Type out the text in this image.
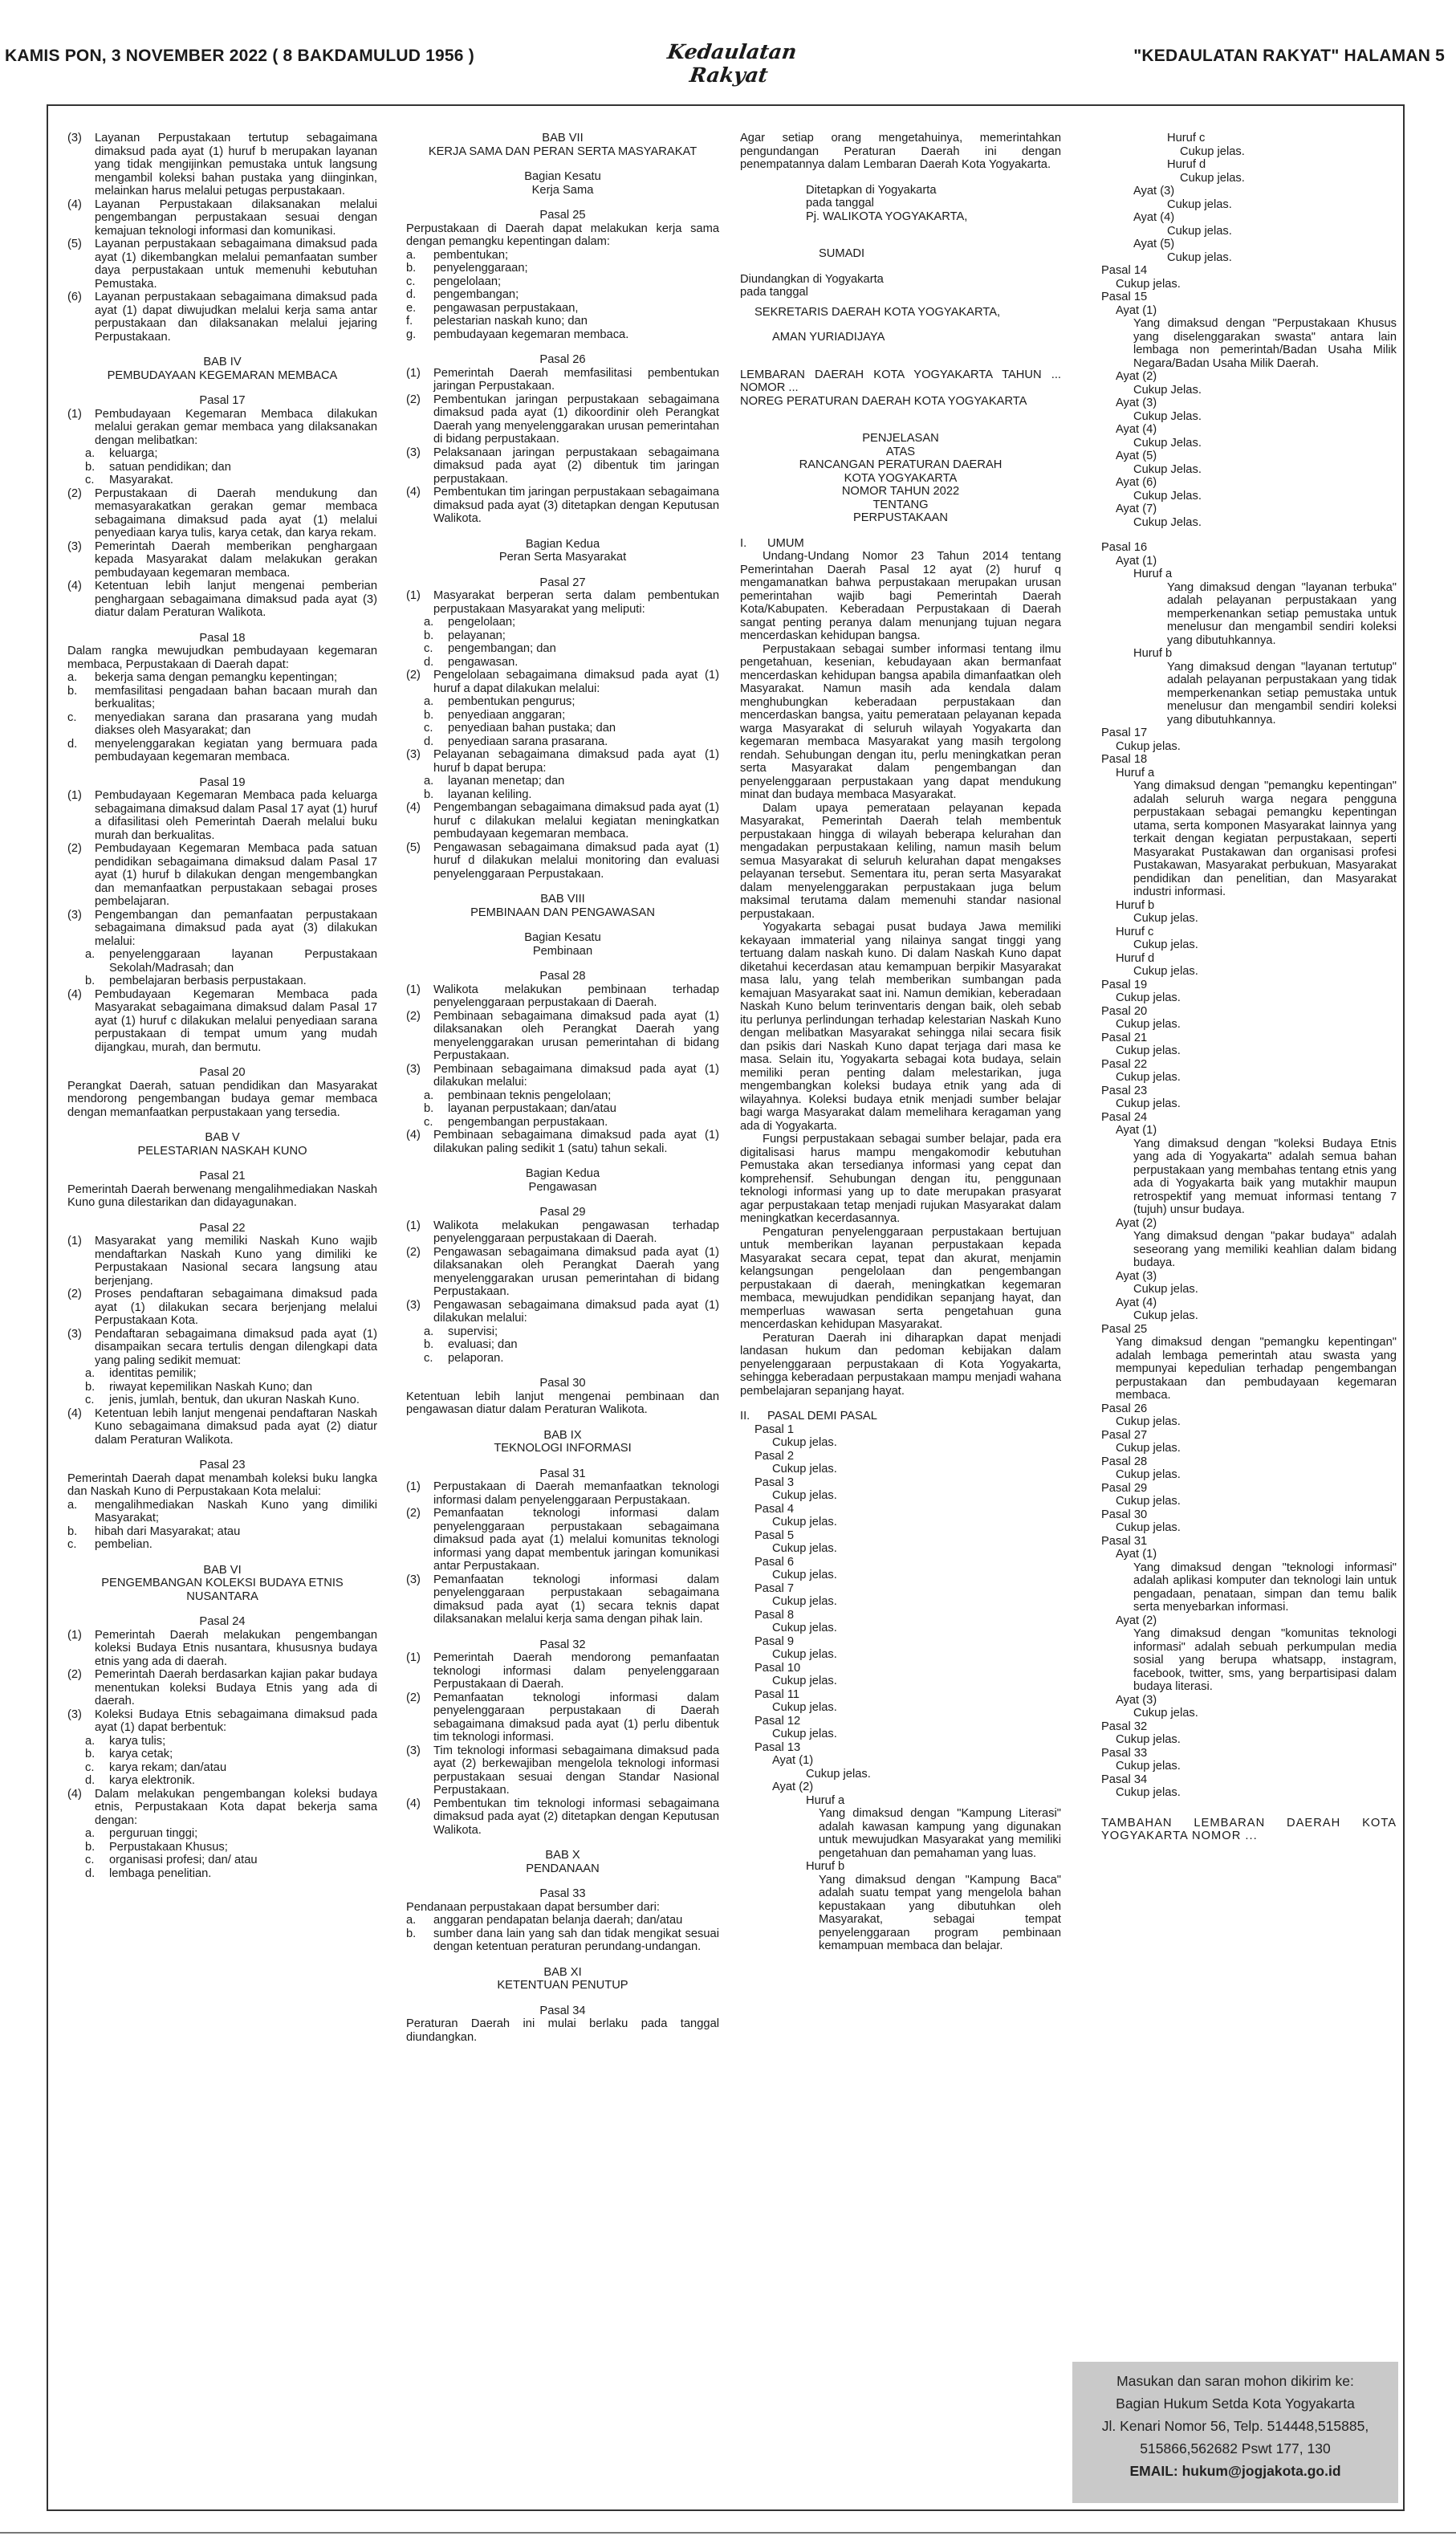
KAMIS PON, 3 NOVEMBER 2022 ( 8 BAKDAMULUD 1956 )	Kedaulatan Rakyat
"KEDAULATAN RAKYAT" HALAMAN 5
(3) Layanan Perpustakaan tertutup sebagaimana dimaksud pada ayat (1) huruf b merupakan layanan yang tidak mengijinkan pemustaka untuk langsung mengambil koleksi bahan pustaka yang diinginkan, melainkan harus melalui petugas perpustakaan.
(4) Layanan Perpustakaan dilaksanakan melalui pengembangan perpustakaan sesuai dengan kemajuan teknologi informasi dan komunikasi.
(5) Layanan perpustakaan sebagaimana dimaksud pada ayat (1) dikembangkan melalui pemanfaatan sumber daya perpustakaan untuk memenuhi kebutuhan Pemustaka.
(6) Layanan perpustakaan sebagaimana dimaksud pada ayat (1) dapat diwujudkan melalui kerja sama antar perpustakaan dan dilaksanakan melalui jejaring Perpustakaan.
BAB IV
PEMBUDAYAAN KEGEMARAN MEMBACA
Pasal 17
(1) Pembudayaan Kegemaran Membaca dilakukan melalui gerakan gemar membaca yang dilaksanakan dengan melibatkan:
a. keluarga;
b. satuan pendidikan; dan
c. Masyarakat.
(2) Perpustakaan di Daerah mendukung dan memasyarakatkan gerakan gemar membaca sebagaimana dimaksud pada ayat (1) melalui penyediaan karya tulis, karya cetak, dan karya rekam.
(3) Pemerintah Daerah memberikan penghargaan kepada Masyarakat dalam melakukan gerakan pembudayaan kegemaran membaca.
(4) Ketentuan lebih lanjut mengenai pemberian penghargaan sebagaimana dimaksud pada ayat (3) diatur dalam Peraturan Walikota.
Pasal 18
Dalam rangka mewujudkan pembudayaan kegemaran membaca, Perpustakaan di Daerah dapat:
a. bekerja sama dengan pemangku kepentingan;
b. memfasilitasi pengadaan bahan bacaan murah dan berkualitas;
c. menyediakan sarana dan prasarana yang mudah diakses oleh Masyarakat; dan
d. menyelenggarakan kegiatan yang bermuara pada pembudayaan kegemaran membaca.
Pasal 19
(1) Pembudayaan Kegemaran Membaca pada keluarga sebagaimana dimaksud dalam Pasal 17 ayat (1) huruf a difasilitasi oleh Pemerintah Daerah melalui buku murah dan berkualitas.
(2) Pembudayaan Kegemaran Membaca pada satuan pendidikan sebagaimana dimaksud dalam Pasal 17 ayat (1) huruf b dilakukan dengan mengembangkan dan memanfaatkan perpustakaan sebagai proses pembelajaran.
(3) Pengembangan dan pemanfaatan perpustakaan sebagaimana dimaksud pada ayat (3) dilakukan melalui:
a. penyelenggaraan layanan Perpustakaan Sekolah/Madrasah; dan
b. pembelajaran berbasis perpustakaan.
(4) Pembudayaan Kegemaran Membaca pada Masyarakat sebagaimana dimaksud dalam Pasal 17 ayat (1) huruf c dilakukan melalui penyediaan sarana perpustakaan di tempat umum yang mudah dijangkau, murah, dan bermutu.
Pasal 20
Perangkat Daerah, satuan pendidikan dan Masyarakat mendorong pengembangan budaya gemar membaca dengan memanfaatkan perpustakaan yang tersedia.
BAB V
PELESTARIAN NASKAH KUNO
Pasal 21
Pemerintah Daerah berwenang mengalihmediakan Naskah Kuno guna dilestarikan dan didayagunakan.
Pasal 22
(1) Masyarakat yang memiliki Naskah Kuno wajib mendaftarkan Naskah Kuno yang dimiliki ke Perpustakaan Nasional secara langsung atau berjenjang.
(2) Proses pendaftaran sebagaimana dimaksud pada ayat (1) dilakukan secara berjenjang melalui Perpustakaan Kota.
(3) Pendaftaran sebagaimana dimaksud pada ayat (1) disampaikan secara tertulis dengan dilengkapi data yang paling sedikit memuat:
a. identitas pemilik;
b. riwayat kepemilikan Naskah Kuno; dan
c. jenis, jumlah, bentuk, dan ukuran Naskah Kuno.
(4) Ketentuan lebih lanjut mengenai pendaftaran Naskah Kuno sebagaimana dimaksud pada ayat (2) diatur dalam Peraturan Walikota.
Pasal 23
Pemerintah Daerah dapat menambah koleksi buku langka dan Naskah Kuno di Perpustakaan Kota melalui:
a. mengalihmediakan Naskah Kuno yang dimiliki Masyarakat;
b. hibah dari Masyarakat; atau
c. pembelian.
BAB VI
PENGEMBANGAN KOLEKSI BUDAYA ETNIS NUSANTARA
Pasal 24
(1) Pemerintah Daerah melakukan pengembangan koleksi Budaya Etnis nusantara, khususnya budaya etnis yang ada di daerah.
(2) Pemerintah Daerah berdasarkan kajian pakar budaya menentukan koleksi Budaya Etnis yang ada di daerah.
(3) Koleksi Budaya Etnis sebagaimana dimaksud pada ayat (1) dapat berbentuk:
a. karya tulis;
b. karya cetak;
c. karya rekam; dan/atau
d. karya elektronik.
(4) Dalam melakukan pengembangan koleksi budaya etnis, Perpustakaan Kota dapat bekerja sama dengan:
a. perguruan tinggi;
b. Perpustakaan Khusus;
c. organisasi profesi; dan/ atau
d. lembaga penelitian.
BAB VII
KERJA SAMA DAN PERAN SERTA MASYARAKAT
Bagian Kesatu
Kerja Sama
Pasal 25
Perpustakaan di Daerah dapat melakukan kerja sama dengan pemangku kepentingan dalam:
a. pembentukan;
b. penyelenggaraan;
c. pengelolaan;
d. pengembangan;
e. pengawasan perpustakaan,
f. pelestarian naskah kuno; dan
g. pembudayaan kegemaran membaca.
Pasal 26
(1) Pemerintah Daerah memfasilitasi pembentukan jaringan Perpustakaan.
(2) Pembentukan jaringan perpustakaan sebagaimana dimaksud pada ayat (1) dikoordinir oleh Perangkat Daerah yang menyelenggarakan urusan pemerintahan di bidang perpustakaan.
(3) Pelaksanaan jaringan perpustakaan sebagaimana dimaksud pada ayat (2) dibentuk tim jaringan perpustakaan.
(4) Pembentukan tim jaringan perpustakaan sebagaimana dimaksud pada ayat (3) ditetapkan dengan Keputusan Walikota.
Bagian Kedua
Peran Serta Masyarakat
Pasal 27
(1) Masyarakat berperan serta dalam pembentukan perpustakaan Masyarakat yang meliputi:
a. pengelolaan;
b. pelayanan;
c. pengembangan; dan
d. pengawasan.
(2) Pengelolaan sebagaimana dimaksud pada ayat (1) huruf a dapat dilakukan melalui:
a. pembentukan pengurus;
b. penyediaan anggaran;
c. penyediaan bahan pustaka; dan
d. penyediaan sarana prasarana.
(3) Pelayanan sebagaimana dimaksud pada ayat (1) huruf b dapat berupa:
a. layanan menetap; dan
b. layanan keliling.
(4) Pengembangan sebagaimana dimaksud pada ayat (1) huruf c dilakukan melalui kegiatan meningkatkan pembudayaan kegemaran membaca.
(5) Pengawasan sebagaimana dimaksud pada ayat (1) huruf d dilakukan melalui monitoring dan evaluasi penyelenggaraan Perpustakaan.
BAB VIII
PEMBINAAN DAN PENGAWASAN
Bagian Kesatu
Pembinaan
Pasal 28
(1) Walikota melakukan pembinaan terhadap penyelenggaraan perpustakaan di Daerah.
(2) Pembinaan sebagaimana dimaksud pada ayat (1) dilaksanakan oleh Perangkat Daerah yang menyelenggarakan urusan pemerintahan di bidang Perpustakaan.
(3) Pembinaan sebagaimana dimaksud pada ayat (1) dilakukan melalui:
a. pembinaan teknis pengelolaan;
b. layanan perpustakaan; dan/atau
c. pengembangan perpustakaan.
(4) Pembinaan sebagaimana dimaksud pada ayat (1) dilakukan paling sedikit 1 (satu) tahun sekali.
Bagian Kedua
Pengawasan
Pasal 29
(1) Walikota melakukan pengawasan terhadap penyelenggaraan perpustakaan di Daerah.
(2) Pengawasan sebagaimana dimaksud pada ayat (1) dilaksanakan oleh Perangkat Daerah yang menyelenggarakan urusan pemerintahan di bidang Perpustakaan.
(3) Pengawasan sebagaimana dimaksud pada ayat (1) dilakukan melalui:
a. supervisi;
b. evaluasi; dan
c. pelaporan.
Pasal 30
Ketentuan lebih lanjut mengenai pembinaan dan pengawasan diatur dalam Peraturan Walikota.
BAB IX
TEKNOLOGI INFORMASI
Pasal 31
(1) Perpustakaan di Daerah memanfaatkan teknologi informasi dalam penyelenggaraan Perpustakaan.
(2) Pemanfaatan teknologi informasi dalam penyelenggaraan perpustakaan sebagaimana dimaksud pada ayat (1) melalui komunitas teknologi informasi yang dapat membentuk jaringan komunikasi antar Perpustakaan.
(3) Pemanfaatan teknologi informasi dalam penyelenggaraan perpustakaan sebagaimana dimaksud pada ayat (1) secara teknis dapat dilaksanakan melalui kerja sama dengan pihak lain.
Pasal 32
(1) Pemerintah Daerah mendorong pemanfaatan teknologi informasi dalam penyelenggaraan Perpustakaan di Daerah.
(2) Pemanfaatan teknologi informasi dalam penyelenggaraan perpustakaan di Daerah sebagaimana dimaksud pada ayat (1) perlu dibentuk tim teknologi informasi.
(3) Tim teknologi informasi sebagaimana dimaksud pada ayat (2) berkewajiban mengelola teknologi informasi perpustakaan sesuai dengan Standar Nasional Perpustakaan.
(4) Pembentukan tim teknologi informasi sebagaimana dimaksud pada ayat (2) ditetapkan dengan Keputusan Walikota.
BAB X
PENDANAAN
Pasal 33
Pendanaan perpustakaan dapat bersumber dari:
a. anggaran pendapatan belanja daerah; dan/atau
b. sumber dana lain yang sah dan tidak mengikat sesuai dengan ketentuan peraturan perundang-undangan.
BAB XI
KETENTUAN PENUTUP
Pasal 34
Peraturan Daerah ini mulai berlaku pada tanggal diundangkan.
Agar setiap orang mengetahuinya, memerintahkan pengundangan Peraturan Daerah ini dengan penempatannya dalam Lembaran Daerah Kota Yogyakarta.
Ditetapkan di Yogyakarta
pada tanggal
Pj. WALIKOTA YOGYAKARTA,
SUMADI
Diundangkan di Yogyakarta
pada tanggal
SEKRETARIS DAERAH KOTA YOGYAKARTA,
AMAN YURIADIJAYA
LEMBARAN DAERAH KOTA YOGYAKARTA TAHUN ... NOMOR ...
NOREG PERATURAN DAERAH KOTA YOGYAKARTA
PENJELASAN
ATAS
RANCANGAN PERATURAN DAERAH
KOTA YOGYAKARTA
NOMOR TAHUN 2022
TENTANG
PERPUSTAKAAN
I. UMUM
Undang-Undang Nomor 23 Tahun 2014 tentang Pemerintahan Daerah Pasal 12 ayat (2) huruf q mengamanatkan bahwa perpustakaan merupakan urusan pemerintahan wajib bagi Pemerintah Daerah Kota/Kabupaten. Keberadaan Perpustakaan di Daerah sangat penting peranya dalam menunjang tujuan negara mencerdaskan kehidupan bangsa.
Perpustakaan sebagai sumber informasi tentang ilmu pengetahuan, kesenian, kebudayaan akan bermanfaat mencerdaskan kehidupan bangsa apabila dimanfaatkan oleh Masyarakat. Namun masih ada kendala dalam menghubungkan keberadaan perpustakaan dan mencerdaskan bangsa, yaitu pemerataan pelayanan kepada warga Masyarakat di seluruh wilayah Yogyakarta dan kegemaran membaca Masyarakat yang masih tergolong rendah. Sehubungan dengan itu, perlu meningkatkan peran serta Masyarakat dalam pengembangan dan penyelenggaraan perpustakaan yang dapat mendukung minat dan budaya membaca Masyarakat.
Dalam upaya pemerataan pelayanan kepada Masyarakat, Pemerintah Daerah telah membentuk perpustakaan hingga di wilayah beberapa kelurahan dan mengadakan perpustakaan keliling, namun masih belum semua Masyarakat di seluruh kelurahan dapat mengakses pelayanan tersebut. Sementara itu, peran serta Masyarakat dalam menyelenggarakan perpustakaan juga belum maksimal terutama dalam memenuhi standar nasional perpustakaan.
Yogyakarta sebagai pusat budaya Jawa memiliki kekayaan immaterial yang nilainya sangat tinggi yang tertuang dalam naskah kuno. Di dalam Naskah Kuno dapat diketahui kecerdasan atau kemampuan berpikir Masyarakat masa lalu, yang telah memberikan sumbangan pada kemajuan Masyarakat saat ini. Namun demikian, keberadaan Naskah Kuno belum terinventaris dengan baik, oleh sebab itu perlunya perlindungan terhadap kelestarian Naskah Kuno dengan melibatkan Masyarakat sehingga nilai secara fisik dan psikis dari Naskah Kuno dapat terjaga dari masa ke masa. Selain itu, Yogyakarta sebagai kota budaya, selain memiliki peran penting dalam melestarikan, juga mengembangkan koleksi budaya etnik yang ada di wilayahnya. Koleksi budaya etnik menjadi sumber belajar bagi warga Masyarakat dalam memelihara keragaman yang ada di Yogyakarta.
Fungsi perpustakaan sebagai sumber belajar, pada era digitalisasi harus mampu mengakomodir kebutuhan Pemustaka akan tersedianya informasi yang cepat dan komprehensif. Sehubungan dengan itu, penggunaan teknologi informasi yang up to date merupakan prasyarat agar perpustakaan tetap menjadi rujukan Masyarakat dalam meningkatkan kecerdasannya.
Pengaturan penyelenggaraan perpustakaan bertujuan untuk memberikan layanan perpustakaan kepada Masyarakat secara cepat, tepat dan akurat, menjamin kelangsungan pengelolaan dan pengembangan perpustakaan di daerah, meningkatkan kegemaran membaca, mewujudkan pendidikan sepanjang hayat, dan memperluas wawasan serta pengetahuan guna mencerdaskan kehidupan Masyarakat.
Peraturan Daerah ini diharapkan dapat menjadi landasan hukum dan pedoman kebijakan dalam penyelenggaraan perpustakaan di Kota Yogyakarta, sehingga keberadaan perpustakaan mampu menjadi wahana pembelajaran sepanjang hayat.
II. PASAL DEMI PASAL
Pasal 1
Cukup jelas.
Pasal 2
Cukup jelas.
Pasal 3
Cukup jelas.
Pasal 4
Cukup jelas.
Pasal 5
Cukup jelas.
Pasal 6
Cukup jelas.
Pasal 7
Cukup jelas.
Pasal 8
Cukup jelas.
Pasal 9
Cukup jelas.
Pasal 10
Cukup jelas.
Pasal 11
Cukup jelas.
Pasal 12
Cukup jelas.
Pasal 13
Ayat (1)
Cukup jelas.
Ayat (2)
Huruf a
Yang dimaksud dengan "Kampung Literasi" adalah kawasan kampung yang digunakan untuk mewujudkan Masyarakat yang memiliki pengetahuan dan pemahaman yang luas.
Huruf b
Yang dimaksud dengan "Kampung Baca" adalah suatu tempat yang mengelola bahan kepustakaan yang dibutuhkan oleh Masyarakat, sebagai tempat penyelenggaraan program pembinaan kemampuan membaca dan belajar.
Huruf c
Cukup jelas.
Huruf d
Cukup jelas.
Ayat (3)
Cukup jelas.
Ayat (4)
Cukup jelas.
Ayat (5)
Cukup jelas.
Pasal 14
Cukup jelas.
Pasal 15
Ayat (1)
Yang dimaksud dengan "Perpustakaan Khusus yang diselenggarakan swasta" antara lain lembaga non pemerintah/Badan Usaha Milik Negara/Badan Usaha Milik Daerah.
Ayat (2)
Cukup Jelas.
Ayat (3)
Cukup Jelas.
Ayat (4)
Cukup Jelas.
Ayat (5)
Cukup Jelas.
Ayat (6)
Cukup Jelas.
Ayat (7)
Cukup Jelas.
Pasal 16
Ayat (1)
Huruf a
Yang dimaksud dengan "layanan terbuka" adalah pelayanan perpustakaan yang memperkenankan setiap pemustaka untuk menelusur dan mengambil sendiri koleksi yang dibutuhkannya.
Huruf b
Yang dimaksud dengan "layanan tertutup" adalah pelayanan perpustakaan yang tidak memperkenankan setiap pemustaka untuk menelusur dan mengambil sendiri koleksi yang dibutuhkannya.
Pasal 17
Cukup jelas.
Pasal 18
Huruf a
Yang dimaksud dengan "pemangku kepentingan" adalah seluruh warga negara pengguna perpustakaan sebagai pemangku kepentingan utama, serta komponen Masyarakat lainnya yang terkait dengan kegiatan perpustakaan, seperti Masyarakat Pustakawan dan organisasi profesi Pustakawan, Masyarakat perbukuan, Masyarakat pendidikan dan penelitian, dan Masyarakat industri informasi.
Huruf b
Cukup jelas.
Huruf c
Cukup jelas.
Huruf d
Cukup jelas.
Pasal 19
Cukup jelas.
Pasal 20
Cukup jelas.
Pasal 21
Cukup jelas.
Pasal 22
Cukup jelas.
Pasal 23
Cukup jelas.
Pasal 24
Ayat (1)
Yang dimaksud dengan "koleksi Budaya Etnis yang ada di Yogyakarta" adalah semua bahan perpustakaan yang membahas tentang etnis yang ada di Yogyakarta baik yang mutakhir maupun retrospektif yang memuat informasi tentang 7 (tujuh) unsur budaya.
Ayat (2)
Yang dimaksud dengan "pakar budaya" adalah seseorang yang memiliki keahlian dalam bidang budaya.
Ayat (3)
Cukup jelas.
Ayat (4)
Cukup jelas.
Pasal 25
Yang dimaksud dengan "pemangku kepentingan" adalah lembaga pemerintah atau swasta yang mempunyai kepedulian terhadap pengembangan perpustakaan dan pembudayaan kegemaran membaca.
Pasal 26
Cukup jelas.
Pasal 27
Cukup jelas.
Pasal 28
Cukup jelas.
Pasal 29
Cukup jelas.
Pasal 30
Cukup jelas.
Pasal 31
Ayat (1)
Yang dimaksud dengan "teknologi informasi" adalah aplikasi komputer dan teknologi lain untuk pengadaan, penataan, simpan dan temu balik serta menyebarkan informasi.
Ayat (2)
Yang dimaksud dengan "komunitas teknologi informasi" adalah sebuah perkumpulan media sosial yang berupa whatsapp, instagram, facebook, twitter, sms, yang berpartisipasi dalam budaya literasi.
Ayat (3)
Cukup jelas.
Pasal 32
Cukup jelas.
Pasal 33
Cukup jelas.
Pasal 34
Cukup jelas.
TAMBAHAN LEMBARAN DAERAH KOTA YOGYAKARTA NOMOR ...
Masukan dan saran mohon dikirim ke:
Bagian Hukum Setda Kota Yogyakarta
Jl. Kenari Nomor 56, Telp. 514448,515885,
515866,562682 Pswt 177, 130
EMAIL: hukum@jogjakota.go.id
